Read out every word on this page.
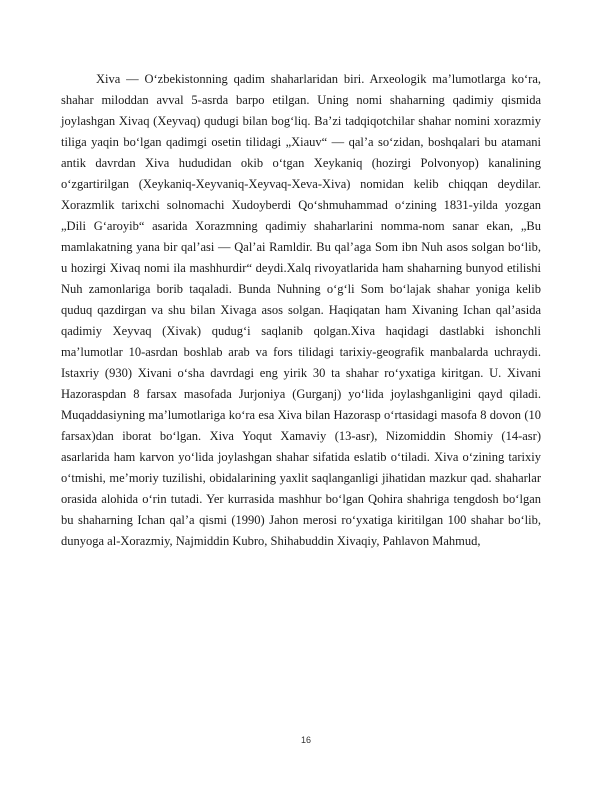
Xiva — O‘zbekistonning qadim shaharlaridan biri. Arxeologik maʼlumotlarga ko‘ra, shahar miloddan avval 5-asrda barpo etilgan. Uning nomi shaharning qadimiy qismida joylashgan Xivaq (Xeyvaq) qudugi bilan bog‘liq. Baʼzi tadqiqotchilar shahar nomini xorazmiy tiliga yaqin bo‘lgan qadimgi osetin tilidagi „Xiauv“ — qalʼa so‘zidan, boshqalari bu atamani antik davrdan Xiva hududidan okib o‘tgan Xeykaniq (hozirgi Polvonyop) kanalining o‘zgartirilgan (Xeykaniq-Xeyvaniq-Xeyvaq-Xeva-Xiva) nomidan kelib chiqqan deydilar. Xorazmlik tarixchi solnomachi Xudoyberdi Qo‘shmuhammad o‘zining 1831-yilda yozgan „Dili G‘aroyib“ asarida Xorazmning qadimiy shaharlarini nomma-nom sanar ekan, „Bu mamlakatning yana bir qalʼasi — Qalʼai Ramldir. Bu qalʼaga Som ibn Nuh asos solgan bo‘lib, u hozirgi Xivaq nomi ila mashhurdir“ deydi.Xalq rivoyatlarida ham shaharning bunyod etilishi Nuh zamonlariga borib taqaladi. Bunda Nuhning o‘g‘li Som bo‘lajak shahar yoniga kelib quduq qazdirgan va shu bilan Xivaga asos solgan. Haqiqatan ham Xivaning Ichan qalʼasida qadimiy Xeyvaq (Xivak) qudug‘i saqlanib qolgan.Xiva haqidagi dastlabki ishonchli maʼlumotlar 10-asrdan boshlab arab va fors tilidagi tarixiy-geografik manbalarda uchraydi. Istaxriy (930) Xivani o‘sha davrdagi eng yirik 30 ta shahar ro‘yxatiga kiritgan. U. Xivani Hazoraspdan 8 farsax masofada Jurjoniya (Gurganj) yo‘lida joylashganligini qayd qiladi. Muqaddasiyning maʼlumotlariga ko‘ra esa Xiva bilan Hazorasp o‘rtasidagi masofa 8 dovon (10 farsax)dan iborat bo‘lgan. Xiva Yoqut Xamaviy (13-asr), Nizomiddin Shomiy (14-asr) asarlarida ham karvon yo‘lida joylashgan shahar sifatida eslatib o‘tiladi. Xiva o‘zining tarixiy o‘tmishi, meʼmoriy tuzilishi, obidalarining yaxlit saqlanganligi jihatidan mazkur qad. shaharlar orasida alohida o‘rin tutadi. Yer kurrasida mashhur bo‘lgan Qohira shahriga tengdosh bo‘lgan bu shaharning Ichan qalʼa qismi (1990) Jahon merosi ro‘yxatiga kiritilgan 100 shahar bo‘lib, dunyoga al-Xorazmiy, Najmiddin Kubro, Shihabuddin Xivaqiy, Pahlavon Mahmud,

16
